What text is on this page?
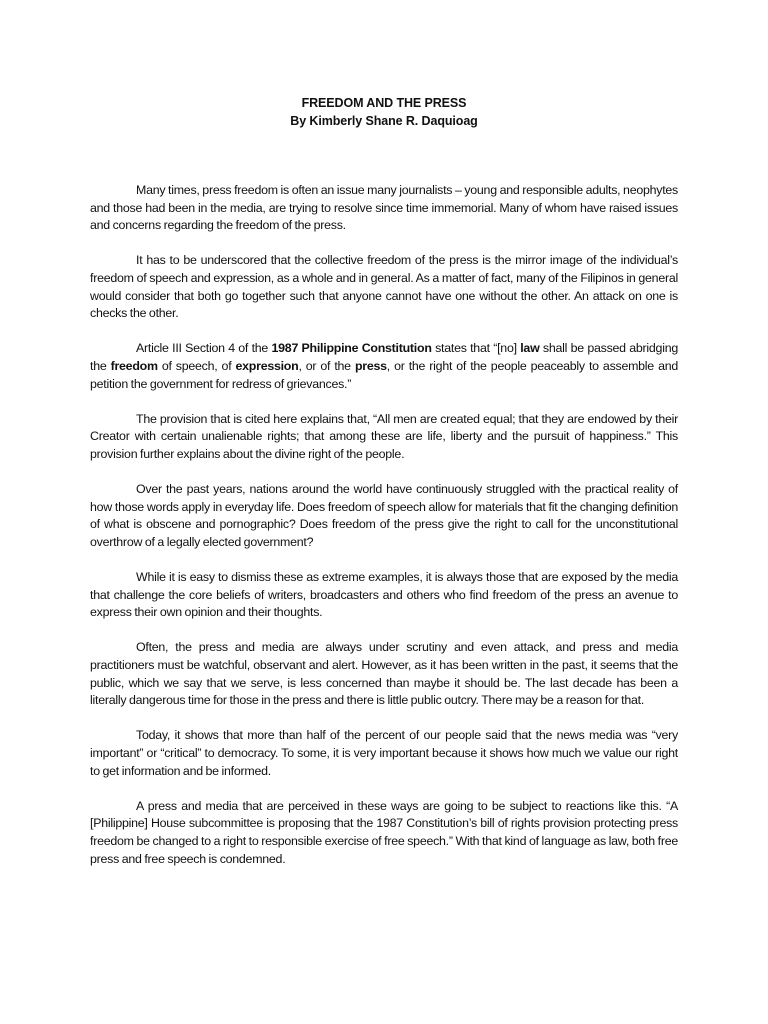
FREEDOM AND THE PRESS
By Kimberly Shane R. Daquioag

Many times, press freedom is often an issue many journalists – young and responsible adults, neophytes and those had been in the media, are trying to resolve since time immemorial. Many of whom have raised issues and concerns regarding the freedom of the press.

It has to be underscored that the collective freedom of the press is the mirror image of the individual’s freedom of speech and expression, as a whole and in general. As a matter of fact, many of the Filipinos in general would consider that both go together such that anyone cannot have one without the other. An attack on one is checks the other.

Article III Section 4 of the 1987 Philippine Constitution states that “[no] law shall be passed abridging the freedom of speech, of expression, or of the press, or the right of the people peaceably to assemble and petition the government for redress of grievances.”

The provision that is cited here explains that, “All men are created equal; that they are endowed by their Creator with certain unalienable rights; that among these are life, liberty and the pursuit of happiness.” This provision further explains about the divine right of the people.

Over the past years, nations around the world have continuously struggled with the practical reality of how those words apply in everyday life. Does freedom of speech allow for materials that fit the changing definition of what is obscene and pornographic? Does freedom of the press give the right to call for the unconstitutional overthrow of a legally elected government?

While it is easy to dismiss these as extreme examples, it is always those that are exposed by the media that challenge the core beliefs of writers, broadcasters and others who find freedom of the press an avenue to express their own opinion and their thoughts.

Often, the press and media are always under scrutiny and even attack, and press and media practitioners must be watchful, observant and alert. However, as it has been written in the past, it seems that the public, which we say that we serve, is less concerned than maybe it should be. The last decade has been a literally dangerous time for those in the press and there is little public outcry. There may be a reason for that.

Today, it shows that more than half of the percent of our people said that the news media was “very important” or “critical” to democracy. To some, it is very important because it shows how much we value our right to get information and be informed.

A press and media that are perceived in these ways are going to be subject to reactions like this. “A [Philippine] House subcommittee is proposing that the 1987 Constitution’s bill of rights provision protecting press freedom be changed to a right to responsible exercise of free speech.” With that kind of language as law, both free press and free speech is condemned.
